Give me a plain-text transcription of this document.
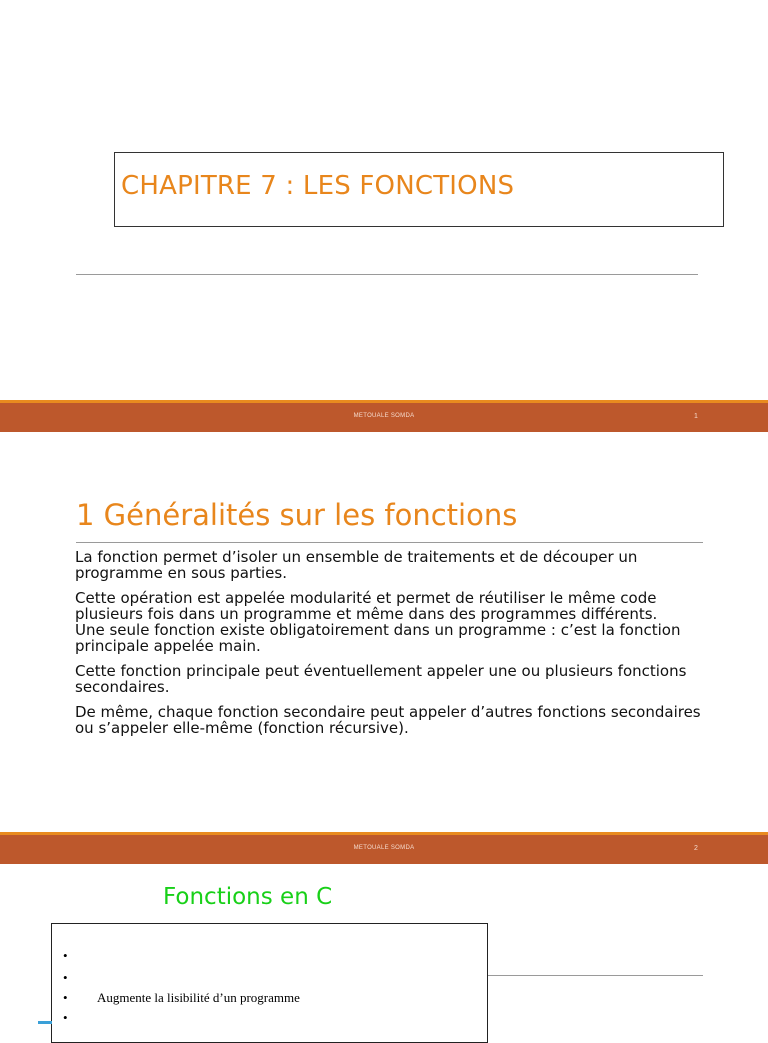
CHAPITRE 7 : LES FONCTIONS
METOUALE SOMDA	1
1 Généralités sur les fonctions

La fonction permet d’isoler un ensemble de traitements et de découper un programme en sous parties.

Cette opération est appelée modularité et permet de réutiliser le même code plusieurs fois dans un programme et même dans des programmes différents.

Une seule fonction existe obligatoirement dans un programme : c’est la fonction principale appelée main.

Cette fonction principale peut éventuellement appeler une ou plusieurs fonctions secondaires.

De même, chaque fonction secondaire peut appeler d’autres fonctions secondaires ou s’appeler elle-même (fonction récursive).

METOUALE SOMDA	2
Fonctions en C
•
•
• Augmente la lisibilité d’un programme
•
